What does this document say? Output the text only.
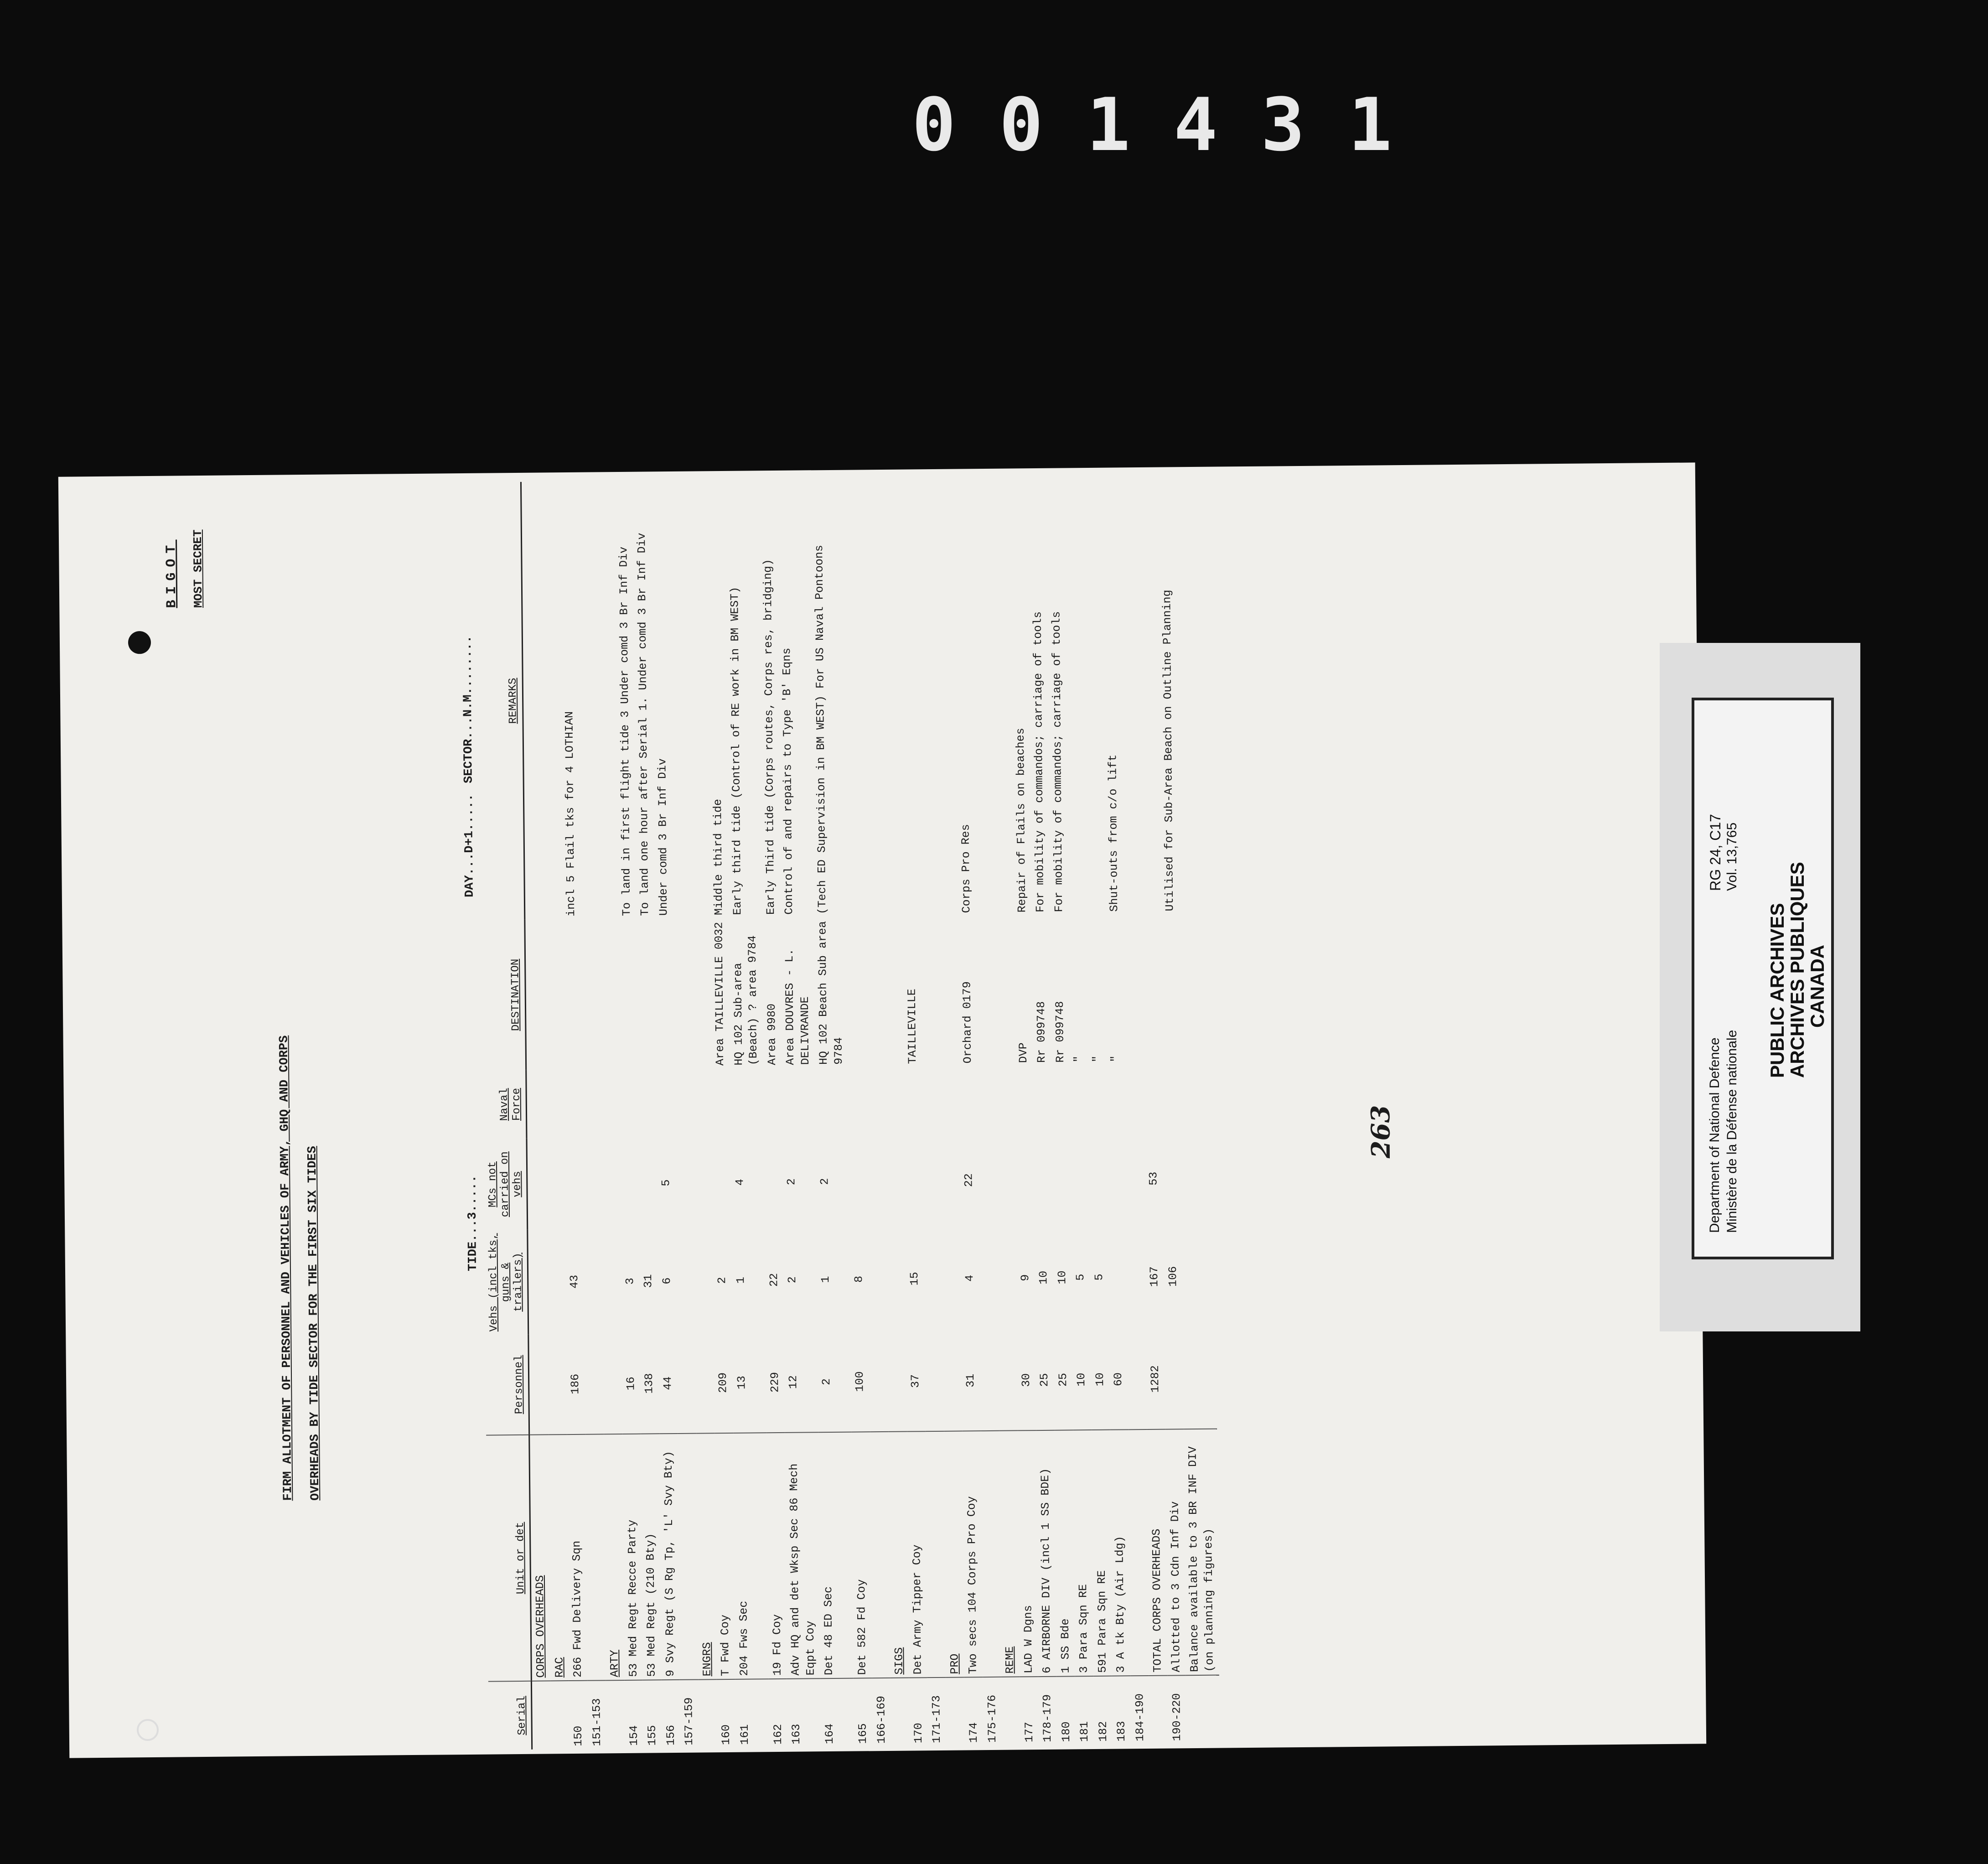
001431
BIGOT MOST SECRET
FIRM ALLOTMENT OF PERSONNEL AND VEHICLES OF ARMY, GHQ AND CORPS OVERHEADS BY TIDE SECTOR FOR THE FIRST SIX TIDES	TIDE...3.....
DAY...D+1.....
SECTOR...N.M........
Serial	Unit or det	Personnel	Vehs (incl tks, guns & trailers)	MCs not carried on vehs	Naval Force	DESTINATION	REMARKS
	CORPS OVERHEADS						
	RAC						
150	266 Fwd Delivery Sqn	186	43				incl 5 Flail tks for 4 LOTHIAN
151-153							
	ARTY						
154	53 Med Regt Recce Party	16	3				To land in first flight tide 3 Under comd 3 Br Inf Div
155	53 Med Regt (210 Bty)	138	31				To land one hour after Serial 1. Under comd 3 Br Inf Div
156	9 Svy Regt (S Rg Tp, 'L' Svy Bty)	44	6	5			Under comd 3 Br Inf Div
157-159							
	ENGRS						
160	T Fwd Coy	209	2			Area TAILLEVILLE 0032	Middle third tide
161	204 Fws Sec	13	1	4		HQ 102 Sub-area (Beach) ? area 9784	Early third tide (Control of RE work in BM WEST)
162	19 Fd Coy	229	22			Area 9980	Early Third tide (Corps routes, Corps res, bridging)
163	Adv HQ and det Wksp Sec 86 Mech Eqpt Coy	12	2	2		Area DOUVRES - L. DELIVRANDE	Control of and repairs to Type 'B' Eqns
164	Det 48 ED Sec	2	1	2		HQ 102 Beach Sub area 9784	(Tech ED Supervision in BM WEST) For US Naval Pontoons
165	Det 582 Fd Coy	100	8				
166-169							
	SIGS						
170	Det Army Tipper Coy	37	15			TAILLEVILLE	
171-173							
	PRO						
174	Two secs 104 Corps Pro Coy	31	4	22		Orchard 0179	Corps Pro Res
175-176							
	REME						
177	LAD W Dgns	30	9			DVP	Repair of Flails on beaches
178-179	6 AIRBORNE DIV (incl 1 SS BDE)	25	10			Rr 099748	For mobility of commandos; carriage of tools
180	1 SS Bde	25	10			Rr 099748	For mobility of commandos; carriage of tools
181	3 Para Sqn RE	10	5			"	
182	591 Para Sqn RE	10	5			"	
183	3 A tk Bty (Air Ldg)	60				"	Shut-outs from c/o lift
184-190							
	TOTAL CORPS OVERHEADS	1282	167	53			
190-220	Allotted to 3 Cdn Inf Div		106				Utilised for Sub-Area Beach on Outline Planning
	Balance available to 3 BR INF DIV (on planning figures)						
263	Department of National Defence Ministère de la Défense nationale
RG 24, C17 Vol. 13,765
PUBLIC ARCHIVES
ARCHIVES PUBLIQUES
CANADA
